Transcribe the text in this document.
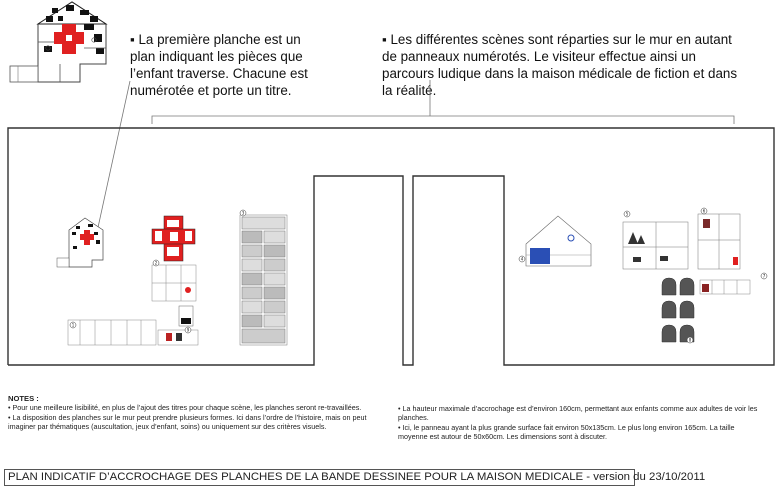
▪ La première planche est un plan indiquant les pièces que l’enfant traverse. Chacune est numérotée et porte un titre.
▪ Les différentes scènes sont réparties sur le mur en autant de panneaux numérotés. Le visiteur effectue ainsi un parcours ludique dans la maison médicale de fiction et dans la réalité.
1
2
3
4
5
6
7
8
9
NOTES :
• Pour une meilleure lisibilité, en plus de l’ajout des titres pour chaque scène, les planches seront re-travaillées.
• La disposition des planches sur le mur peut prendre plusieurs formes. Ici dans l’ordre de l’histoire, mais on peut imaginer par thématiques (auscultation, jeux d’enfant, soins) ou uniquement sur des critères visuels.
• La hauteur maximale d’accrochage est d’environ 160cm, permettant aux enfants comme aux adultes de voir les planches.
• Ici, le panneau ayant la plus grande surface fait environ 50x135cm. Le plus long environ 165cm. La taille moyenne est autour de 50x60cm. Les dimensions sont à discuter.
PLAN INDICATIF D’ACCROCHAGE DES PLANCHES DE LA BANDE DESSINEE POUR LA MAISON MEDICALE - version du 23/10/2011
